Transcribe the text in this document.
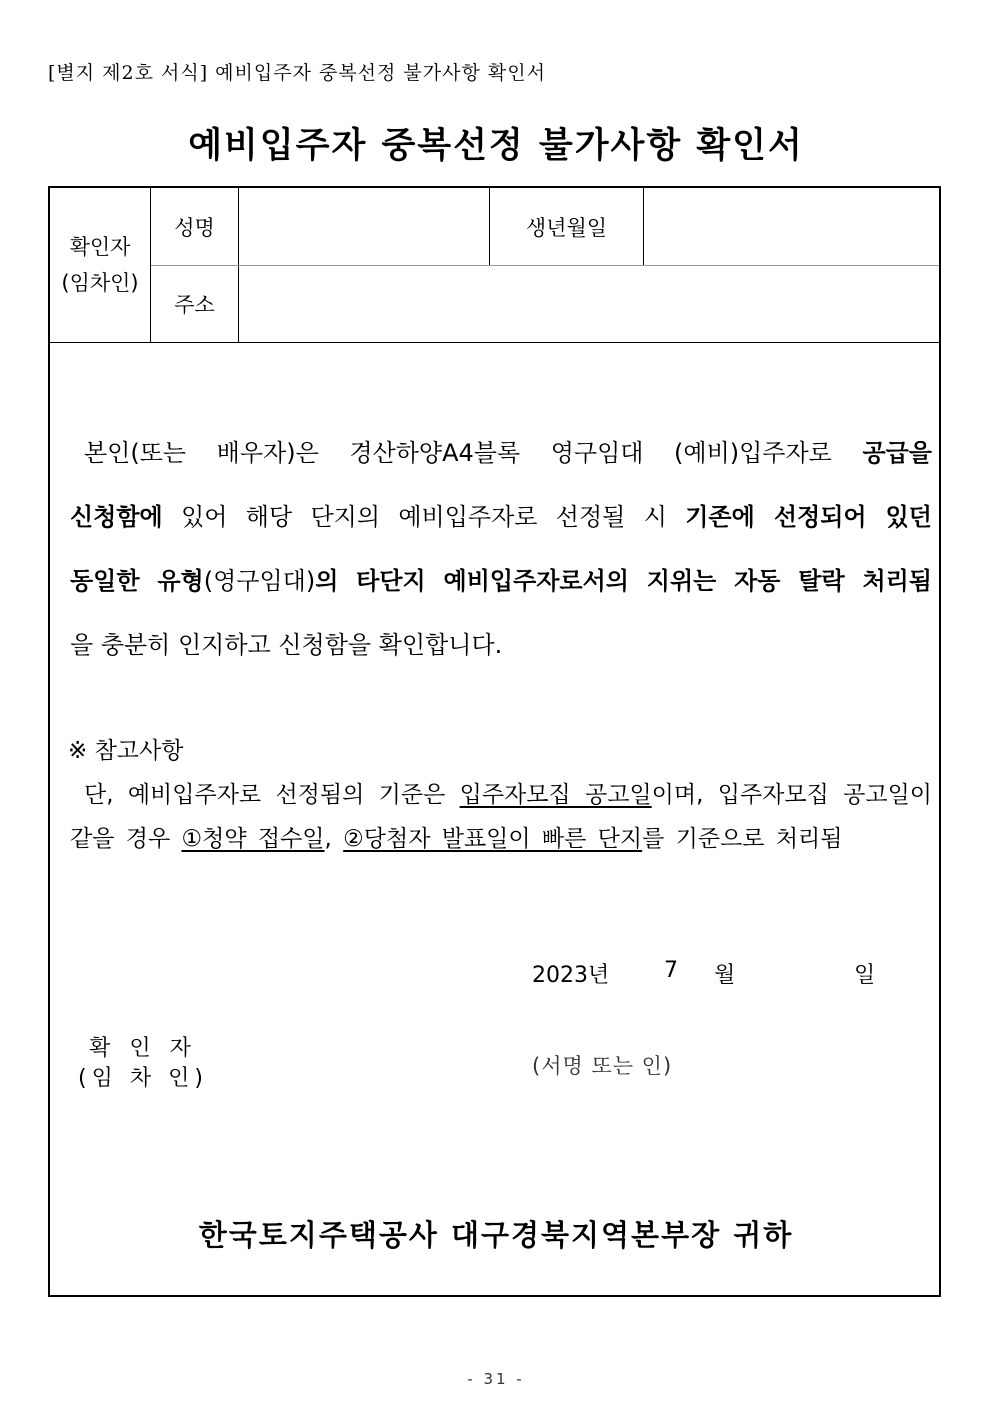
[별지 제2호 서식] 예비입주자 중복선정 불가사항 확인서
예비입주자 중복선정 불가사항 확인서
확인자
(임차인)
성명	생년월일
주소
본인(또는 배우자)은 경산하양A4블록 영구임대 (예비)입주자로 공급을
신청함에 있어 해당 단지의 예비입주자로 선정될 시 기존에 선정되어 있던
동일한 유형(영구임대)의 타단지 예비입주자로서의 지위는 자동 탈락 처리됨
을 충분히 인지하고 신청함을 확인합니다.
※ 참고사항
단, 예비입주자로 선정됨의 기준은 입주자모집 공고일이며, 입주자모집 공고일이
같을 경우 ①청약 접수일, ②당첨자 발표일이 빠른 단지를 기준으로 처리됨
2023년 7 월	일
확 인 자
(임 차 인)	(서명 또는 인)
한국토지주택공사 대구경북지역본부장 귀하
- 31 -
